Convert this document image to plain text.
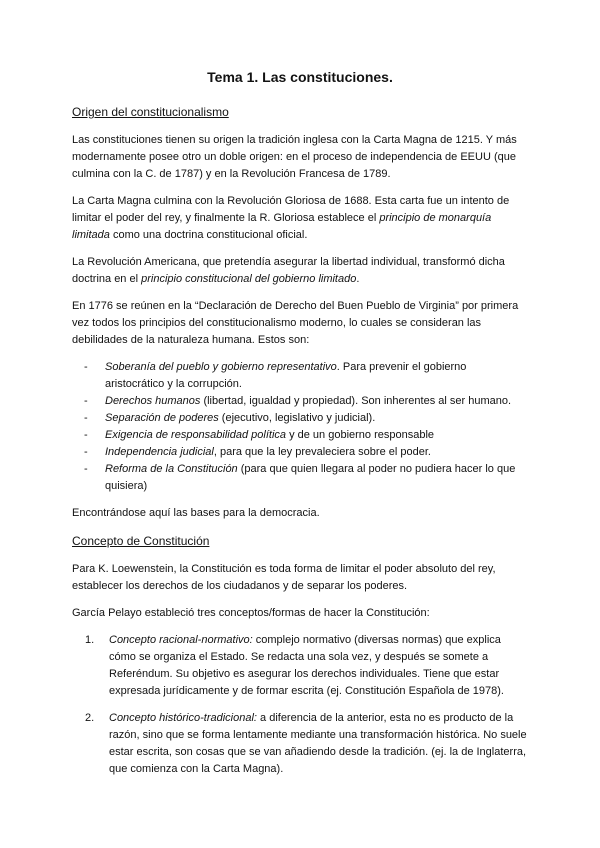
Tema 1. Las constituciones.
Origen del constitucionalismo

Las constituciones tienen su origen la tradición inglesa con la Carta Magna de 1215. Y más modernamente posee otro un doble origen: en el proceso de independencia de EEUU (que culmina con la C. de 1787) y en la Revolución Francesa de 1789.

La Carta Magna culmina con la Revolución Gloriosa de 1688. Esta carta fue un intento de limitar el poder del rey, y finalmente la R. Gloriosa establece el principio de monarquía limitada como una doctrina constitucional oficial.

La Revolución Americana, que pretendía asegurar la libertad individual, transformó dicha doctrina en el principio constitucional del gobierno limitado.

En 1776 se reúnen en la “Declaración de Derecho del Buen Pueblo de Virginia” por primera vez todos los principios del constitucionalismo moderno, lo cuales se consideran las debilidades de la naturaleza humana. Estos son:

- Soberanía del pueblo y gobierno representativo. Para prevenir el gobierno aristocrático y la corrupción.
- Derechos humanos (libertad, igualdad y propiedad). Son inherentes al ser humano.
- Separación de poderes (ejecutivo, legislativo y judicial).
- Exigencia de responsabilidad política y de un gobierno responsable
- Independencia judicial, para que la ley prevaleciera sobre el poder.
- Reforma de la Constitución (para que quien llegara al poder no pudiera hacer lo que quisiera)

Encontrándose aquí las bases para la democracia.

Concepto de Constitución

Para K. Loewenstein, la Constitución es toda forma de limitar el poder absoluto del rey, establecer los derechos de los ciudadanos y de separar los poderes.

García Pelayo estableció tres conceptos/formas de hacer la Constitución:

1. Concepto racional-normativo: complejo normativo (diversas normas) que explica cómo se organiza el Estado. Se redacta una sola vez, y después se somete a Referéndum. Su objetivo es asegurar los derechos individuales. Tiene que estar expresada jurídicamente y de formar escrita (ej. Constitución Española de 1978).
2. Concepto histórico-tradicional: a diferencia de la anterior, esta no es producto de la razón, sino que se forma lentamente mediante una transformación histórica. No suele estar escrita, son cosas que se van añadiendo desde la tradición. (ej. la de Inglaterra, que comienza con la Carta Magna).
